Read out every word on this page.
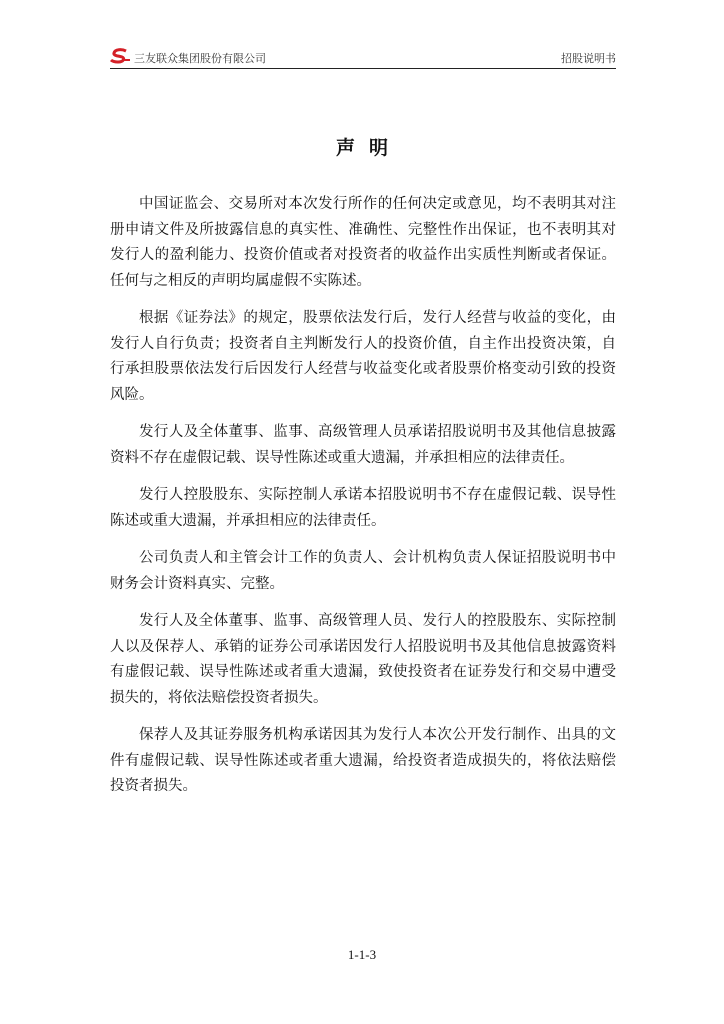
三友联众集团股份有限公司	招股说明书
声明

中国证监会、交易所对本次发行所作的任何决定或意见，均不表明其对注册申请文件及所披露信息的真实性、准确性、完整性作出保证，也不表明其对发行人的盈利能力、投资价值或者对投资者的收益作出实质性判断或者保证。任何与之相反的声明均属虚假不实陈述。

根据《证券法》的规定，股票依法发行后，发行人经营与收益的变化，由发行人自行负责；投资者自主判断发行人的投资价值，自主作出投资决策，自行承担股票依法发行后因发行人经营与收益变化或者股票价格变动引致的投资风险。

发行人及全体董事、监事、高级管理人员承诺招股说明书及其他信息披露资料不存在虚假记载、误导性陈述或重大遗漏，并承担相应的法律责任。

发行人控股股东、实际控制人承诺本招股说明书不存在虚假记载、误导性陈述或重大遗漏，并承担相应的法律责任。

公司负责人和主管会计工作的负责人、会计机构负责人保证招股说明书中财务会计资料真实、完整。

发行人及全体董事、监事、高级管理人员、发行人的控股股东、实际控制人以及保荐人、承销的证券公司承诺因发行人招股说明书及其他信息披露资料有虚假记载、误导性陈述或者重大遗漏，致使投资者在证券发行和交易中遭受损失的，将依法赔偿投资者损失。

保荐人及其证券服务机构承诺因其为发行人本次公开发行制作、出具的文件有虚假记载、误导性陈述或者重大遗漏，给投资者造成损失的，将依法赔偿投资者损失。

1-1-3
